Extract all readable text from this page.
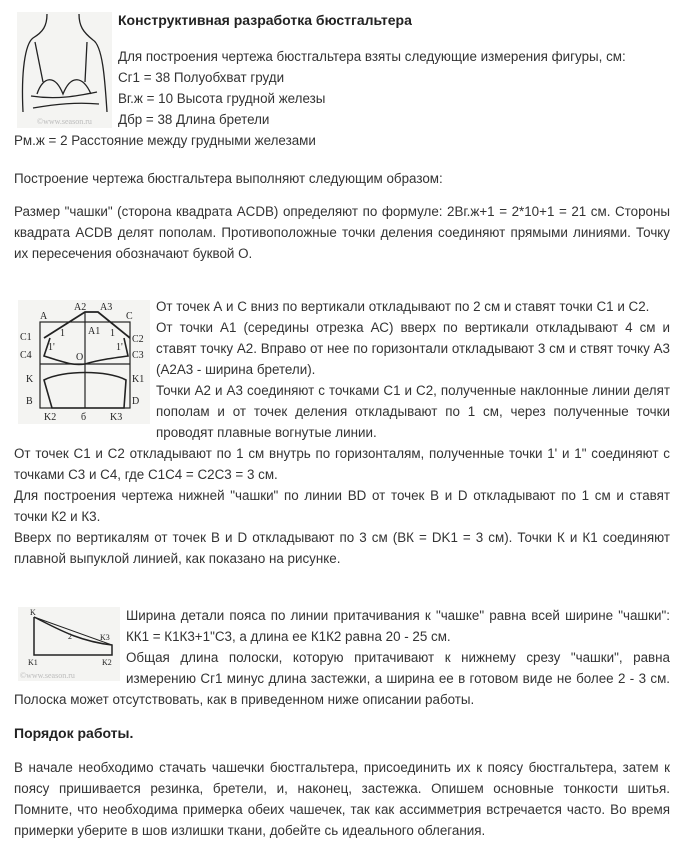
©www.season.ru

Конструктивная разработка бюстгальтера

Для построения чертежа бюстгальтера взяты следующие измерения фигуры, см:

Сг1 = 38 Полуобхват груди

Вг.ж = 10 Высота грудной железы

Дбр = 38 Длина бретели

Рм.ж = 2 Расстояние между грудными железами

Построение чертежа бюстгальтера выполняют следующим образом:

Размер "чашки" (сторона квадрата ACDB) определяют по формуле: 2Вг.ж+1 = 2*10+1 = 21 см. Стороны квадрата ACDB делят пополам. Противоположные точки деления соединяют прямыми линиями. Точку их пересечения обозначают буквой О.

A
A2 A3
C
C1
A1
1	1
1'	1'
C2
C4	C3
O
K	K1
B	D
K2 б K3

От точек А и С вниз по вертикали откладывают по 2 см и ставят точки С1 и С2.

От точки А1 (середины отрезка АС) вверх по вертикали откладывают 4 см и ставят точку А2. Вправо от нее по горизонтали откладывают 3 см и ствят точку А3 (А2А3 - ширина бретели).

Точки А2 и А3 соединяют с точками С1 и С2, полученные наклонные линии делят пополам и от точек деления откладывают по 1 см, через полученные точки проводят плавные вогнутые линии.

От точек С1 и С2 откладывают по 1 см внутрь по горизонталям, полученные точки 1' и 1" соединяют с точками С3 и С4, где С1С4 = С2С3 = 3 см.

Для построения чертежа нижней "чашки" по линии BD от точек В и D откладывают по 1 см и ставят точки К2 и К3.

Вверх по вертикалям от точек В и D откладывают по 3 см (ВК = DK1 = 3 см). Точки К и К1 соединяют плавной выпуклой линией, как показано на рисунке.

K
2	K3
K1	K2
©www.season.ru

Ширина детали пояса по линии притачивания к "чашке" равна всей ширине "чашки": КК1 = К1К3+1"С3, а длина ее К1К2 равна 20 - 25 см.

Общая длина полоски, которую притачивают к нижнему срезу "чашки", равна измерению Сг1 минус длина застежки, а ширина ее в готовом виде не более 2 - 3 см. Полоска может отсутствовать, как в приведенном ниже описании работы.

Порядок работы.

В начале необходимо стачать чашечки бюстгальтера, присоединить их к поясу бюстгальтера, затем к поясу пришивается резинка, бретели, и, наконец, застежка. Опишем основные тонкости шитья. Помните, что необходима примерка обеих чашечек, так как ассимметрия встречается часто. Во время примерки уберите в шов излишки ткани, добейте сь идеального облегания.
